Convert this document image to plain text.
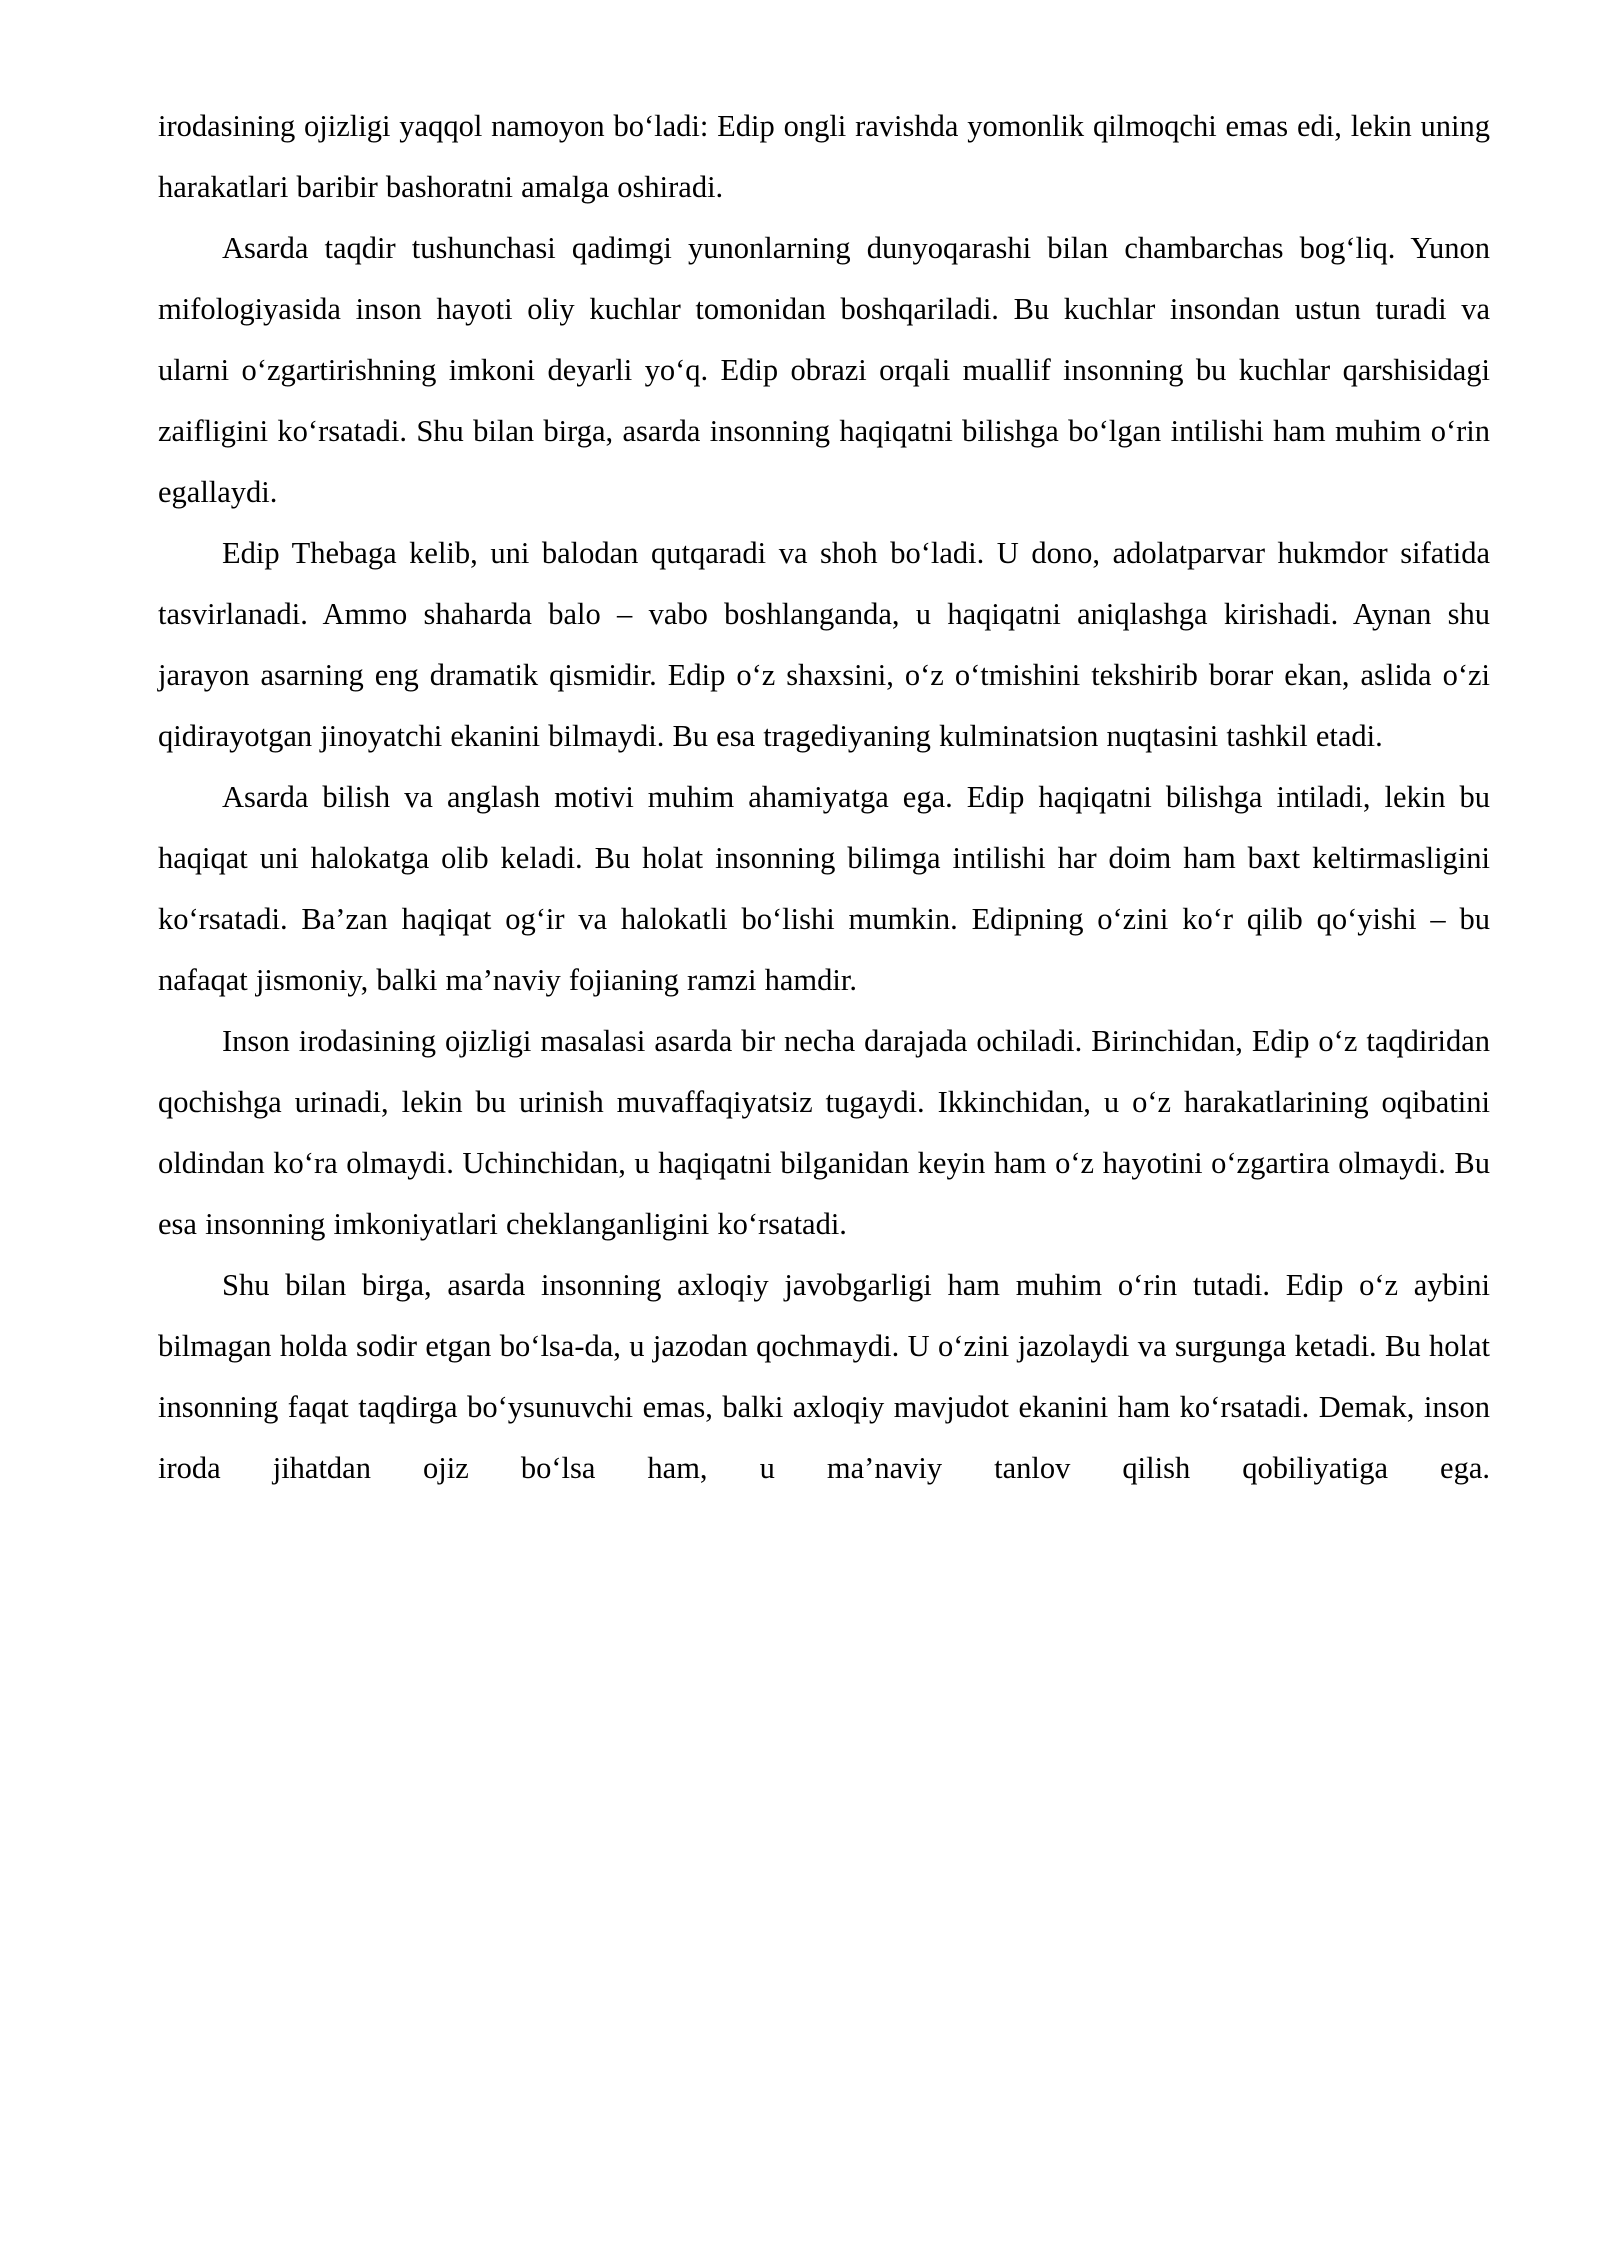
irodasining ojizligi yaqqol namoyon bo‘ladi: Edip ongli ravishda yomonlik qilmoqchi emas edi, lekin uning harakatlari baribir bashoratni amalga oshiradi.

Asarda taqdir tushunchasi qadimgi yunonlarning dunyoqarashi bilan chambarchas bog‘liq. Yunon mifologiyasida inson hayoti oliy kuchlar tomonidan boshqariladi. Bu kuchlar insondan ustun turadi va ularni o‘zgartirishning imkoni deyarli yo‘q. Edip obrazi orqali muallif insonning bu kuchlar qarshisidagi zaifligini ko‘rsatadi. Shu bilan birga, asarda insonning haqiqatni bilishga bo‘lgan intilishi ham muhim o‘rin egallaydi.

Edip Thebaga kelib, uni balodan qutqaradi va shoh bo‘ladi. U dono, adolatparvar hukmdor sifatida tasvirlanadi. Ammo shaharda balo – vabo boshlanganda, u haqiqatni aniqlashga kirishadi. Aynan shu jarayon asarning eng dramatik qismidir. Edip o‘z shaxsini, o‘z o‘tmishini tekshirib borar ekan, aslida o‘zi qidirayotgan jinoyatchi ekanini bilmaydi. Bu esa tragediyaning kulminatsion nuqtasini tashkil etadi.

Asarda bilish va anglash motivi muhim ahamiyatga ega. Edip haqiqatni bilishga intiladi, lekin bu haqiqat uni halokatga olib keladi. Bu holat insonning bilimga intilishi har doim ham baxt keltirmasligini ko‘rsatadi. Ba’zan haqiqat og‘ir va halokatli bo‘lishi mumkin. Edipning o‘zini ko‘r qilib qo‘yishi – bu nafaqat jismoniy, balki ma’naviy fojianing ramzi hamdir.

Inson irodasining ojizligi masalasi asarda bir necha darajada ochiladi. Birinchidan, Edip o‘z taqdiridan qochishga urinadi, lekin bu urinish muvaffaqiyatsiz tugaydi. Ikkinchidan, u o‘z harakatlarining oqibatini oldindan ko‘ra olmaydi. Uchinchidan, u haqiqatni bilganidan keyin ham o‘z hayotini o‘zgartira olmaydi. Bu esa insonning imkoniyatlari cheklanganligini ko‘rsatadi.

Shu bilan birga, asarda insonning axloqiy javobgarligi ham muhim o‘rin tutadi. Edip o‘z aybini bilmagan holda sodir etgan bo‘lsa-da, u jazodan qochmaydi. U o‘zini jazolaydi va surgunga ketadi. Bu holat insonning faqat taqdirga bo‘ysunuvchi emas, balki axloqiy mavjudot ekanini ham ko‘rsatadi. Demak, inson iroda jihatdan ojiz bo‘lsa ham, u ma’naviy tanlov qilish qobiliyatiga ega.
